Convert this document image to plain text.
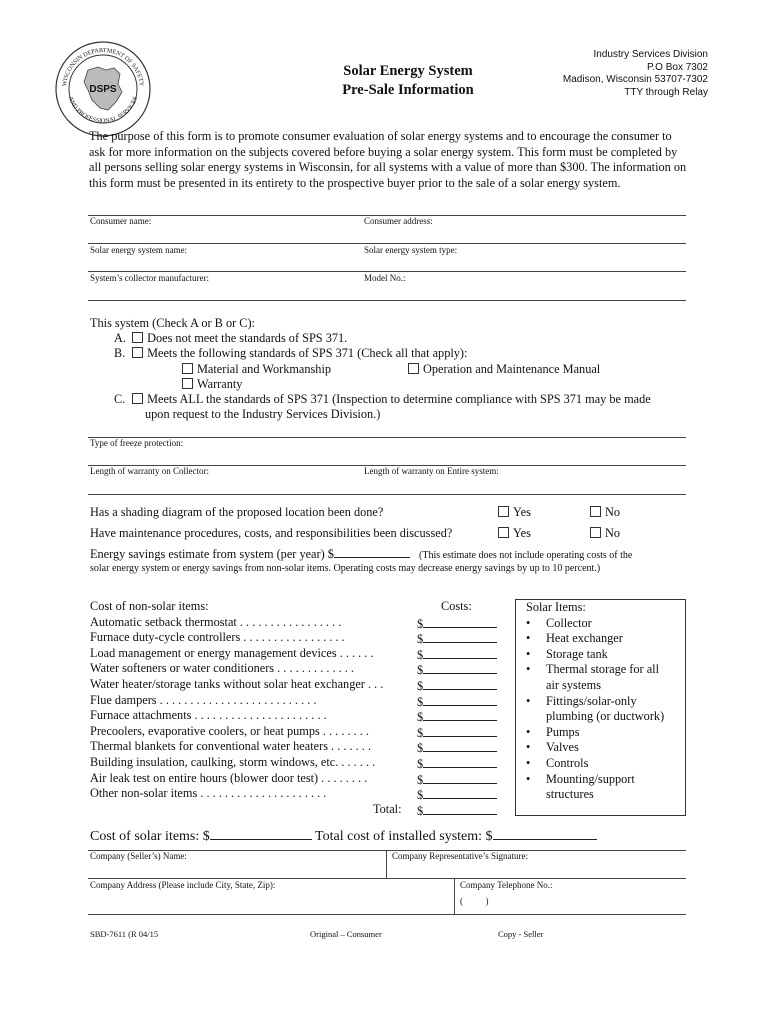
WISCONSIN DEPARTMENT OF SAFETY
AND PROFESSIONAL SERVICES
DSPS
Solar Energy System
Pre-Sale Information
Industry Services Division
P.O Box 7302
Madison, Wisconsin 53707-7302
TTY through Relay
The purpose of this form is to promote consumer evaluation of solar energy systems and to encourage the consumer to ask for more information on the subjects covered before buying a solar energy system. This form must be completed by all persons selling solar energy systems in Wisconsin, for all systems with a value of more than $300. The information on this form must be presented in its entirety to the prospective buyer prior to the sale of a solar energy system.
Consumer name:	Consumer address:
Solar energy system name:	Solar energy system type:
System’s collector manufacturer:	Model No.:
This system (Check A or B or C):
A. Does not meet the standards of SPS 371.
B. Meets the following standards of SPS 371 (Check all that apply):
Material and Workmanship	Operation and Maintenance Manual
Warranty
C. Meets ALL the standards of SPS 371 (Inspection to determine compliance with SPS 371 may be made
upon request to the Industry Services Division.)
Type of freeze protection:
Length of warranty on Collector:	Length of warranty on Entire system:
Has a shading diagram of the proposed location been done?	Yes	No
Have maintenance procedures, costs, and responsibilities been discussed?	Yes	No
Energy savings estimate from system (per year) $	(This estimate does not include operating costs of the
solar energy system or energy savings from non-solar items. Operating costs may decrease energy savings by up to 10 percent.)
Cost of non-solar items:	Costs:
Automatic setback thermostat . . . . . . . . . . . . . . . . .	$
Furnace duty-cycle controllers . . . . . . . . . . . . . . . . .	$
Load management or energy management devices . . . . . .	$
Water softeners or water conditioners . . . . . . . . . . . . .	$
Water heater/storage tanks without solar heat exchanger . . .	$
Flue dampers . . . . . . . . . . . . . . . . . . . . . . . . . .	$
Furnace attachments . . . . . . . . . . . . . . . . . . . . . .	$
Precoolers, evaporative coolers, or heat pumps . . . . . . . .	$
Thermal blankets for conventional water heaters . . . . . . .	$
Building insulation, caulking, storm windows, etc. . . . . . .	$
Air leak test on entire hours (blower door test) . . . . . . . .	$
Other non-solar items . . . . . . . . . . . . . . . . . . . . .	$
Total: $
Solar Items:
• Collector
• Heat exchanger
• Storage tank
• Thermal storage for all
air systems
• Fittings/solar-only
plumbing (or ductwork)
• Pumps
• Valves
• Controls
• Mounting/support
structures
Cost of solar items: $	Total cost of installed system: $
Company (Seller’s) Name:	Company Representative’s Signature:
Company Address (Please include City, State, Zip):	Company Telephone No.:
(          )
SBD-7611 (R 04/15	Original – Consumer	Copy - Seller
